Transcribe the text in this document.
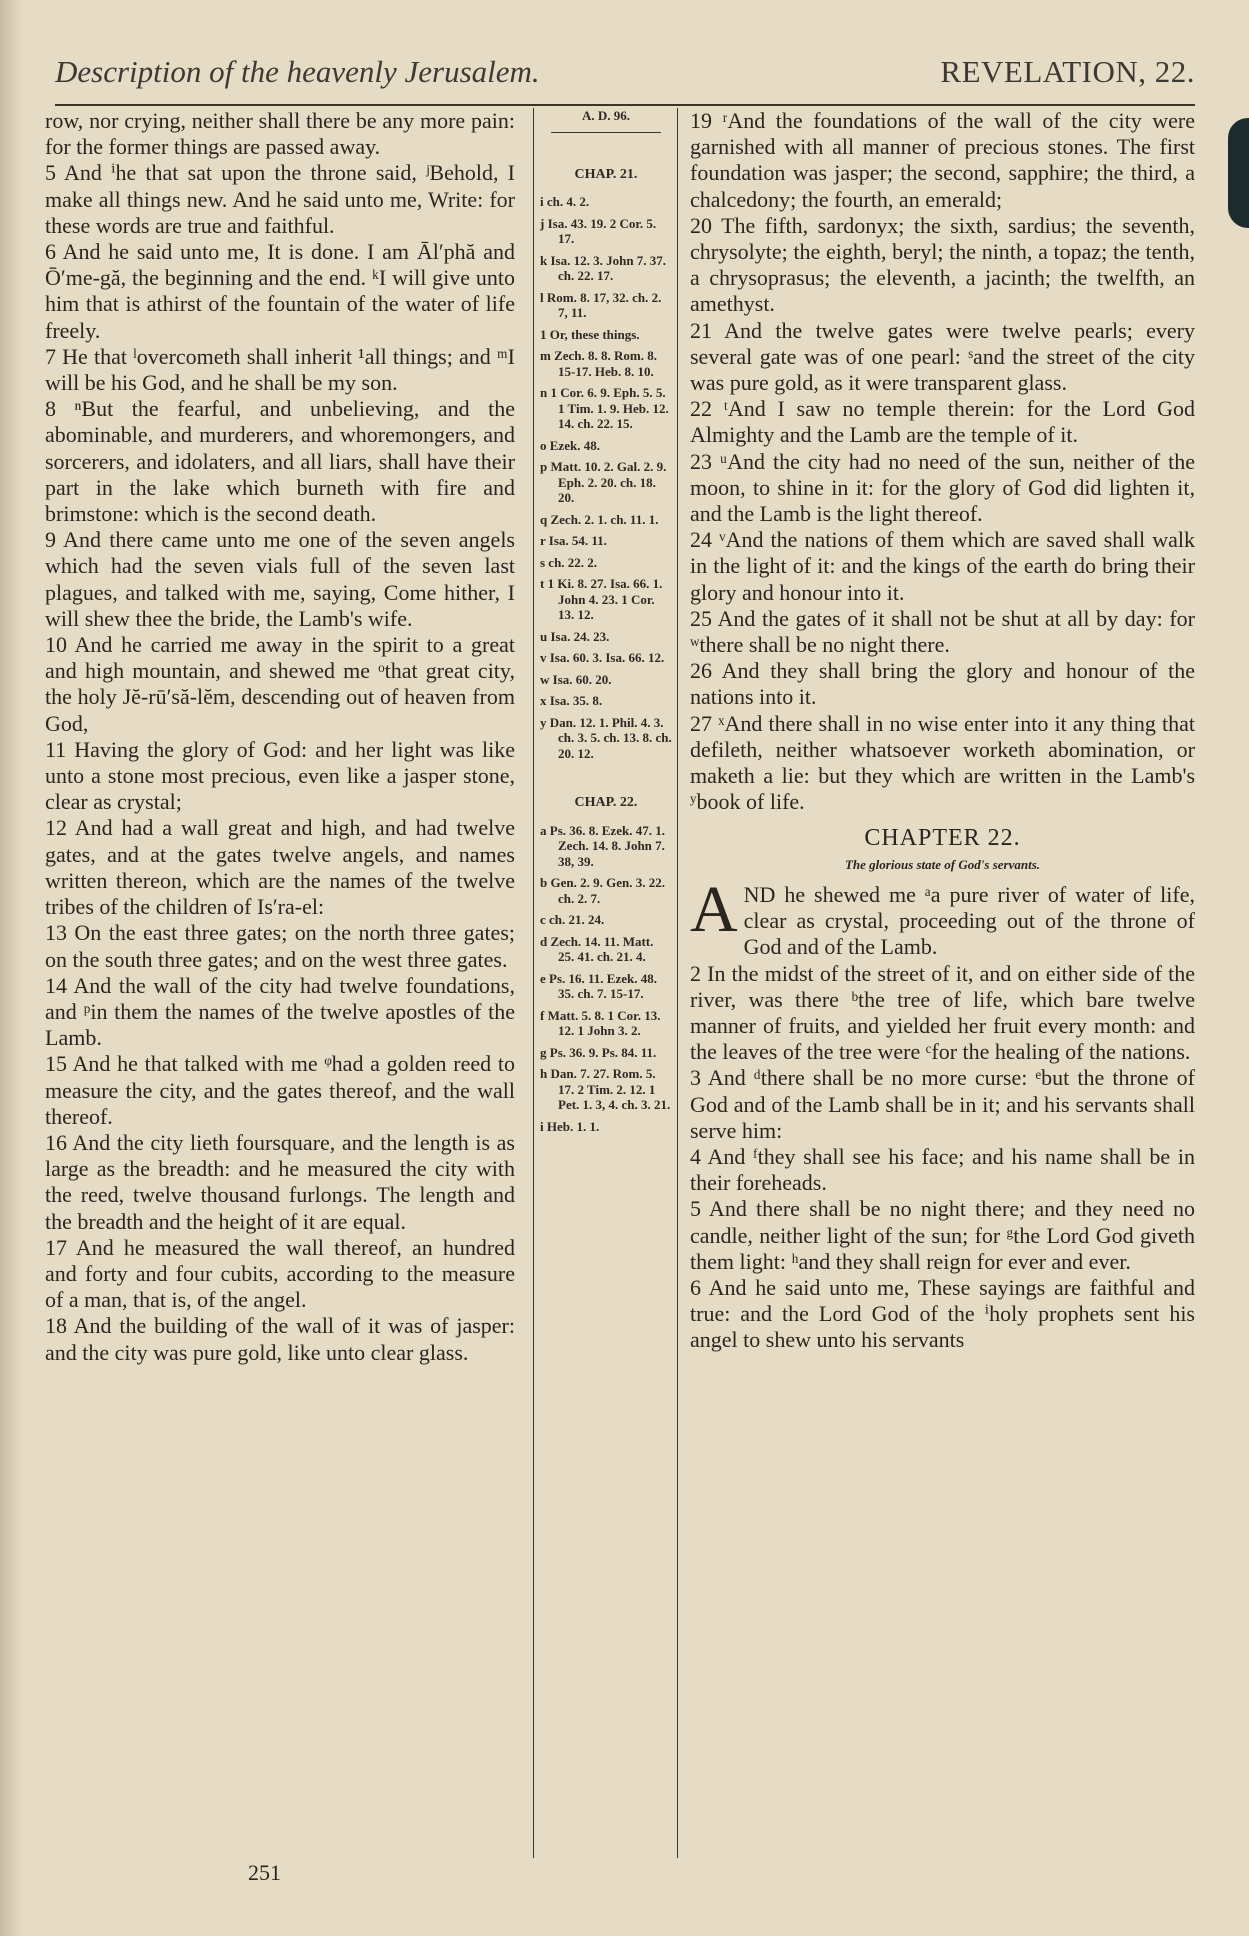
Description of the heavenly Jerusalem.	REVELATION, 22.

row, nor crying, neither shall there be any more pain: for the former things are passed away.

5 And ⁱhe that sat upon the throne said, ʲBehold, I make all things new. And he said unto me, Write: for these words are true and faithful.

6 And he said unto me, It is done. I am Āl′phă and Ō′me-gă, the beginning and the end. ᵏI will give unto him that is athirst of the fountain of the water of life freely.

7 He that ˡovercometh shall inherit ¹all things; and ᵐI will be his God, and he shall be my son.

8 ⁿBut the fearful, and unbelieving, and the abominable, and murderers, and whoremongers, and sorcerers, and idolaters, and all liars, shall have their part in the lake which burneth with fire and brimstone: which is the second death.

9 And there came unto me one of the seven angels which had the seven vials full of the seven last plagues, and talked with me, saying, Come hither, I will shew thee the bride, the Lamb's wife.

10 And he carried me away in the spirit to a great and high mountain, and shewed me ᵒthat great city, the holy Jĕ-rū′să-lĕm, descending out of heaven from God,

11 Having the glory of God: and her light was like unto a stone most precious, even like a jasper stone, clear as crystal;

12 And had a wall great and high, and had twelve gates, and at the gates twelve angels, and names written thereon, which are the names of the twelve tribes of the children of Is′ra-el:

13 On the east three gates; on the north three gates; on the south three gates; and on the west three gates.

14 And the wall of the city had twelve foundations, and ᵖin them the names of the twelve apostles of the Lamb.

15 And he that talked with me ᵠhad a golden reed to measure the city, and the gates thereof, and the wall thereof.

16 And the city lieth foursquare, and the length is as large as the breadth: and he measured the city with the reed, twelve thousand furlongs. The length and the breadth and the height of it are equal.

17 And he measured the wall thereof, an hundred and forty and four cubits, according to the measure of a man, that is, of the angel.

18 And the building of the wall of it was of jasper: and the city was pure gold, like unto clear glass.

A. D. 96.
CHAP. 21.
i ch. 4. 2.
j Isa. 43. 19. 2 Cor. 5. 17.
k Isa. 12. 3. John 7. 37. ch. 22. 17.
l Rom. 8. 17, 32. ch. 2. 7, 11.
1 Or, these things.
m Zech. 8. 8. Rom. 8. 15-17. Heb. 8. 10.
n 1 Cor. 6. 9. Eph. 5. 5. 1 Tim. 1. 9. Heb. 12. 14. ch. 22. 15.
o Ezek. 48.
p Matt. 10. 2. Gal. 2. 9. Eph. 2. 20. ch. 18. 20.
q Zech. 2. 1. ch. 11. 1.
r Isa. 54. 11.
s ch. 22. 2.
t 1 Ki. 8. 27. Isa. 66. 1. John 4. 23. 1 Cor. 13. 12.
u Isa. 24. 23.
v Isa. 60. 3. Isa. 66. 12.
w Isa. 60. 20.
x Isa. 35. 8.
y Dan. 12. 1. Phil. 4. 3. ch. 3. 5. ch. 13. 8. ch. 20. 12.
CHAP. 22.
a Ps. 36. 8. Ezek. 47. 1. Zech. 14. 8. John 7. 38, 39.
b Gen. 2. 9. Gen. 3. 22. ch. 2. 7.
c ch. 21. 24.
d Zech. 14. 11. Matt. 25. 41. ch. 21. 4.
e Ps. 16. 11. Ezek. 48. 35. ch. 7. 15-17.
f Matt. 5. 8. 1 Cor. 13. 12. 1 John 3. 2.
g Ps. 36. 9. Ps. 84. 11.
h Dan. 7. 27. Rom. 5. 17. 2 Tim. 2. 12. 1 Pet. 1. 3, 4. ch. 3. 21.
i Heb. 1. 1.

19 ʳAnd the foundations of the wall of the city were garnished with all manner of precious stones. The first foundation was jasper; the second, sapphire; the third, a chalcedony; the fourth, an emerald;

20 The fifth, sardonyx; the sixth, sardius; the seventh, chrysolyte; the eighth, beryl; the ninth, a topaz; the tenth, a chrysoprasus; the eleventh, a jacinth; the twelfth, an amethyst.

21 And the twelve gates were twelve pearls; every several gate was of one pearl: ˢand the street of the city was pure gold, as it were transparent glass.

22 ᵗAnd I saw no temple therein: for the Lord God Almighty and the Lamb are the temple of it.

23 ᵘAnd the city had no need of the sun, neither of the moon, to shine in it: for the glory of God did lighten it, and the Lamb is the light thereof.

24 ᵛAnd the nations of them which are saved shall walk in the light of it: and the kings of the earth do bring their glory and honour into it.

25 And the gates of it shall not be shut at all by day: for ʷthere shall be no night there.

26 And they shall bring the glory and honour of the nations into it.

27 ˣAnd there shall in no wise enter into it any thing that defileth, neither whatsoever worketh abomination, or maketh a lie: but they which are written in the Lamb's ʸbook of life.

CHAPTER 22.
The glorious state of God's servants.

AND he shewed me ᵃa pure river of water of life, clear as crystal, proceeding out of the throne of God and of the Lamb.

2 In the midst of the street of it, and on either side of the river, was there ᵇthe tree of life, which bare twelve manner of fruits, and yielded her fruit every month: and the leaves of the tree were ᶜfor the healing of the nations.

3 And ᵈthere shall be no more curse: ᵉbut the throne of God and of the Lamb shall be in it; and his servants shall serve him:

4 And ᶠthey shall see his face; and his name shall be in their foreheads.

5 And there shall be no night there; and they need no candle, neither light of the sun; for ᵍthe Lord God giveth them light: ʰand they shall reign for ever and ever.

6 And he said unto me, These sayings are faithful and true: and the Lord God of the ⁱholy prophets sent his angel to shew unto his servants

251
